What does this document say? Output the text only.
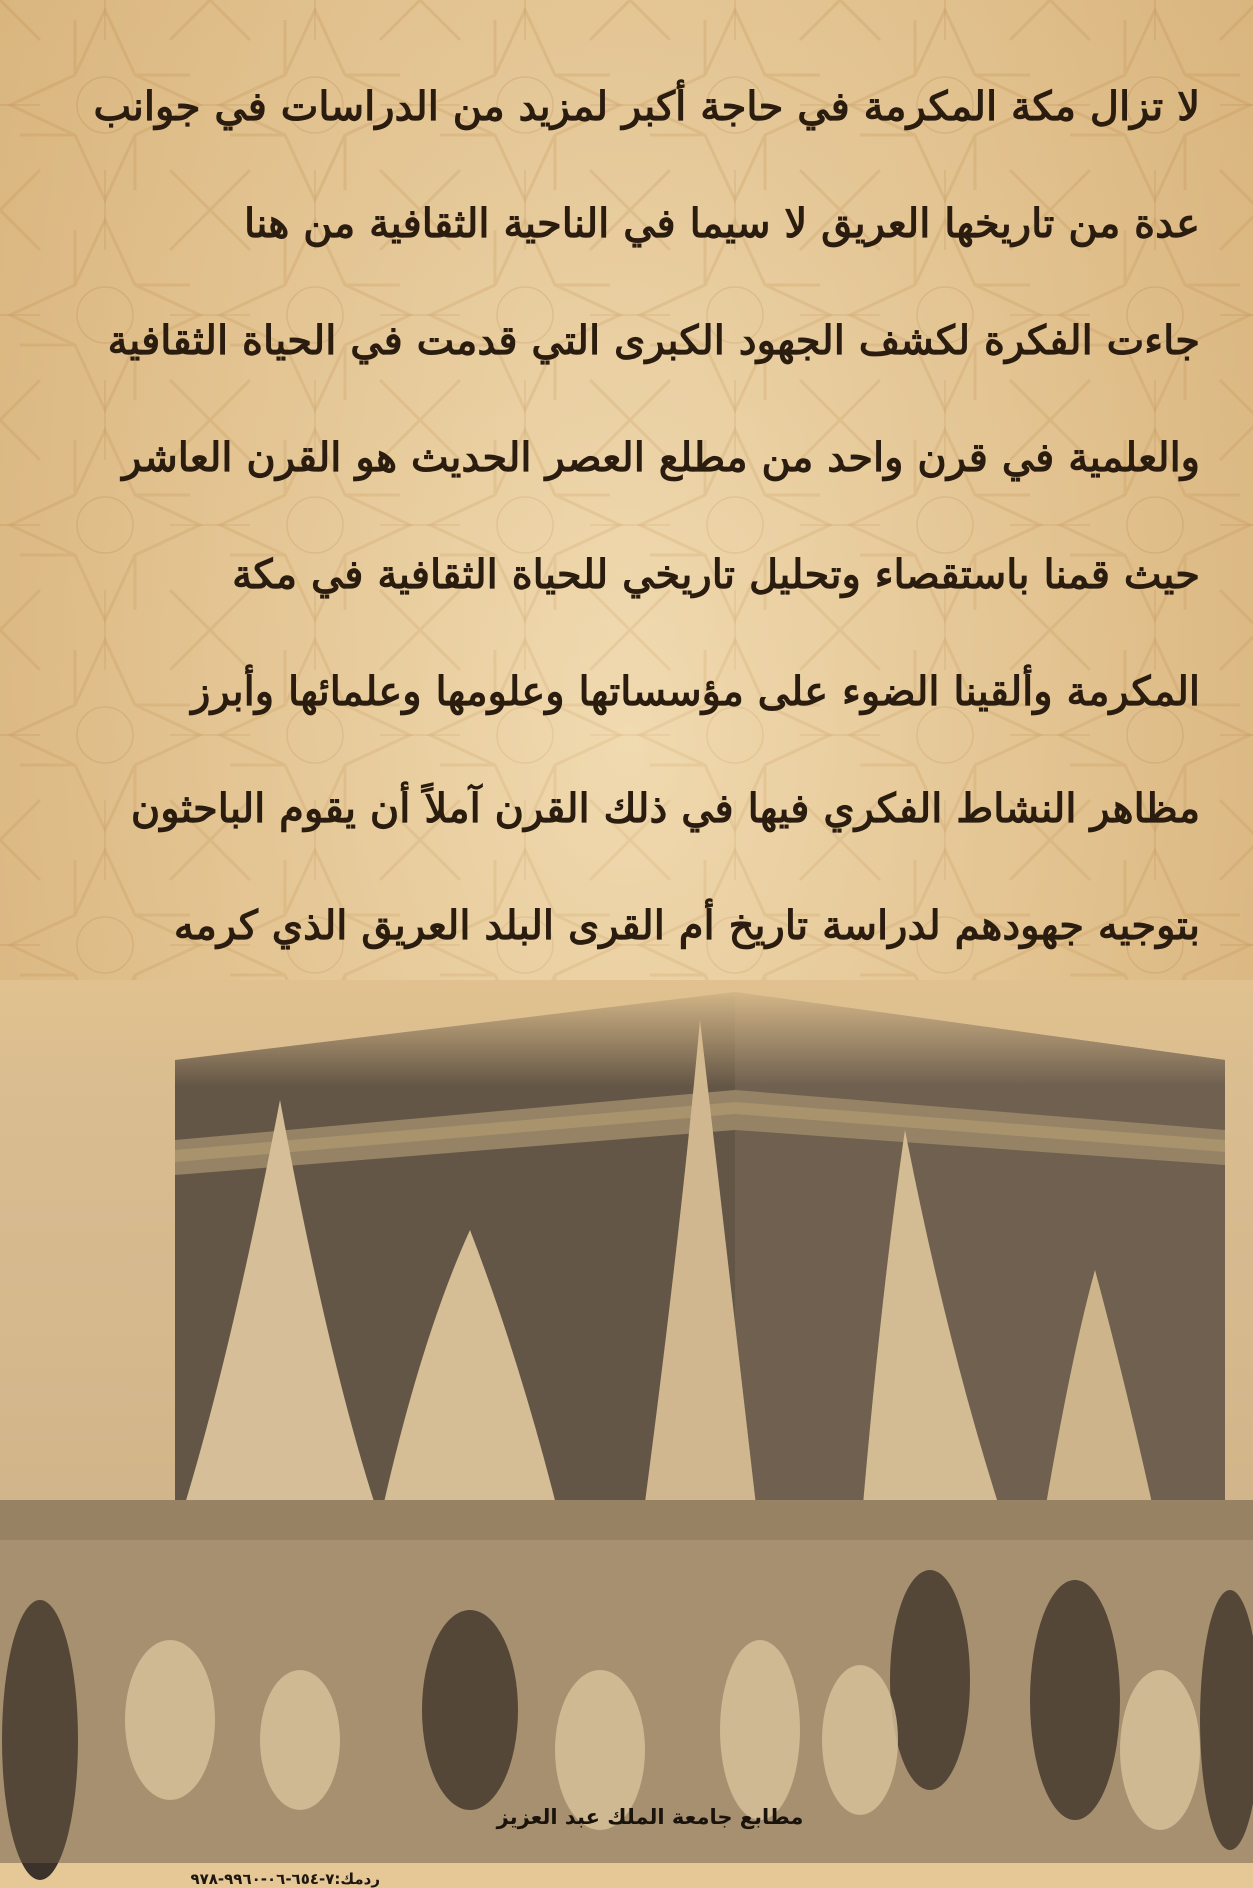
لا تزال مكة المكرمة في حاجة أكبر لمزيد من الدراسات في جوانب
عدة من تاريخها العريق لا سيما في الناحية الثقافية من هنا
جاءت الفكرة لكشف الجهود الكبرى التي قدمت في الحياة الثقافية
والعلمية في قرن واحد من مطلع العصر الحديث هو القرن العاشر
حيث قمنا باستقصاء وتحليل تاريخي للحياة الثقافية في مكة
المكرمة وألقينا الضوء على مؤسساتها وعلومها وعلمائها وأبرز
مظاهر النشاط الفكري فيها في ذلك القرن آملاً أن يقوم الباحثون
بتوجيه جهودهم لدراسة تاريخ أم القرى البلد العريق الذي كرمه
مطابع جامعة الملك عبد العزيز
ردمك:٧-٦٥٤-٠٦-٩٩٦٠-٩٧٨
